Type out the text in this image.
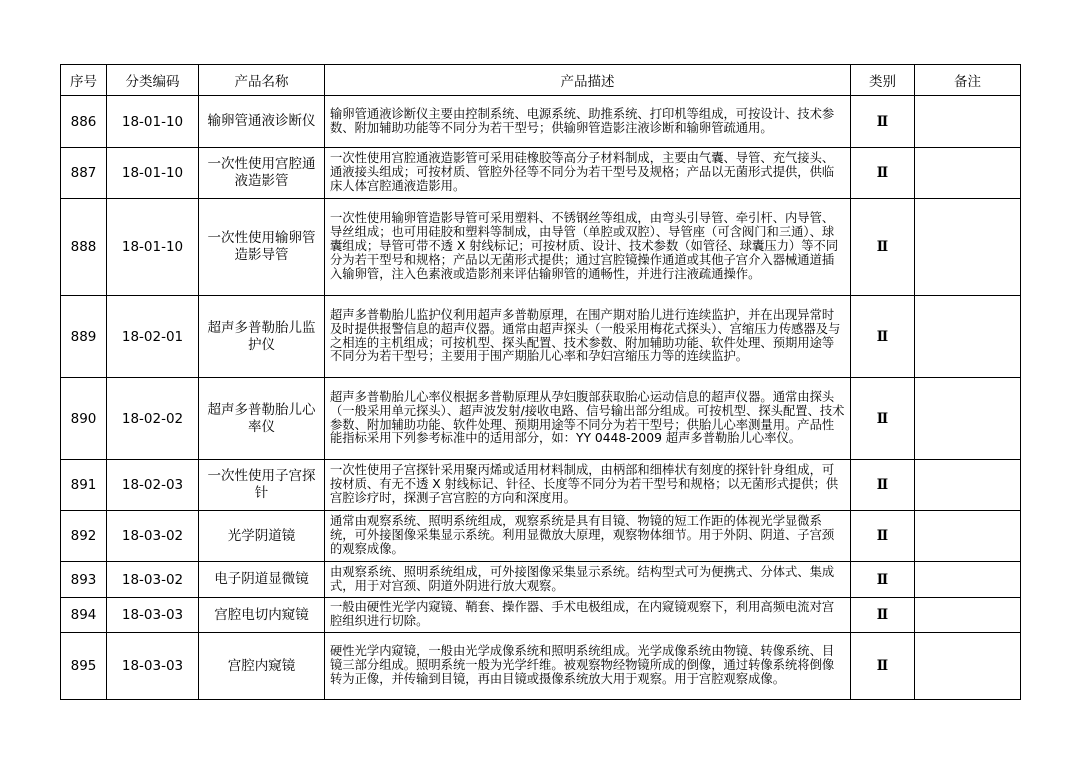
序号	分类编码	产品名称	产品描述	类别	备注
886	18-01-10	输卵管通液诊断仪	输卵管通液诊断仪主要由控制系统、电源系统、助推系统、打印机等组成，可按设计、技术参数、附加辅助功能等不同分为若干型号；供输卵管造影注液诊断和输卵管疏通用。	Ⅱ	
887	18-01-10	一次性使用宫腔通液造影管	一次性使用宫腔通液造影管可采用硅橡胶等高分子材料制成，主要由气囊、导管、充气接头、通液接头组成；可按材质、管腔外径等不同分为若干型号及规格；产品以无菌形式提供，供临床人体宫腔通液造影用。	Ⅱ	
888	18-01-10	一次性使用输卵管造影导管	一次性使用输卵管造影导管可采用塑料、不锈钢丝等组成，由弯头引导管、牵引杆、内导管、导丝组成；也可用硅胶和塑料等制成，由导管（单腔或双腔）、导管座（可含阀门和三通）、球囊组成；导管可带不透 X 射线标记；可按材质、设计、技术参数（如管径、球囊压力）等不同分为若干型号和规格；产品以无菌形式提供；通过宫腔镜操作通道或其他子宫介入器械通道插入输卵管，注入色素液或造影剂来评估输卵管的通畅性，并进行注液疏通操作。	Ⅱ	
889	18-02-01	超声多普勒胎儿监护仪	超声多普勒胎儿监护仪利用超声多普勒原理，在围产期对胎儿进行连续监护，并在出现异常时及时提供报警信息的超声仪器。通常由超声探头（一般采用梅花式探头）、宫缩压力传感器及与之相连的主机组成；可按机型、探头配置、技术参数、附加辅助功能、软件处理、预期用途等不同分为若干型号；主要用于围产期胎儿心率和孕妇宫缩压力等的连续监护。	Ⅱ	
890	18-02-02	超声多普勒胎儿心率仪	超声多普勒胎儿心率仪根据多普勒原理从孕妇腹部获取胎心运动信息的超声仪器。通常由探头（一般采用单元探头）、超声波发射/接收电路、信号输出部分组成。可按机型、探头配置、技术参数、附加辅助功能、软件处理、预期用途等不同分为若干型号；供胎儿心率测量用。产品性能指标采用下列参考标准中的适用部分，如：YY 0448-2009 超声多普勒胎儿心率仪。	Ⅱ	
891	18-02-03	一次性使用子宫探针	一次性使用子宫探针采用聚丙烯或适用材料制成，由柄部和细棒状有刻度的探针针身组成，可按材质、有无不透 X 射线标记、针径、长度等不同分为若干型号和规格；以无菌形式提供；供宫腔诊疗时，探测子宫宫腔的方向和深度用。	Ⅱ	
892	18-03-02	光学阴道镜	通常由观察系统、照明系统组成，观察系统是具有目镜、物镜的短工作距的体视光学显微系统，可外接图像采集显示系统。利用显微放大原理，观察物体细节。用于外阴、阴道、子宫颈的观察成像。	Ⅱ	
893	18-03-02	电子阴道显微镜	由观察系统、照明系统组成，可外接图像采集显示系统。结构型式可为便携式、分体式、集成式，用于对宫颈、阴道外阴进行放大观察。	Ⅱ	
894	18-03-03	宫腔电切内窥镜	一般由硬性光学内窥镜、鞘套、操作器、手术电极组成，在内窥镜观察下，利用高频电流对宫腔组织进行切除。	Ⅱ	
895	18-03-03	宫腔内窥镜	硬性光学内窥镜，一般由光学成像系统和照明系统组成。光学成像系统由物镜、转像系统、目镜三部分组成。照明系统一般为光学纤维。被观察物经物镜所成的倒像，通过转像系统将倒像转为正像，并传输到目镜，再由目镜或摄像系统放大用于观察。用于宫腔观察成像。	Ⅱ	
